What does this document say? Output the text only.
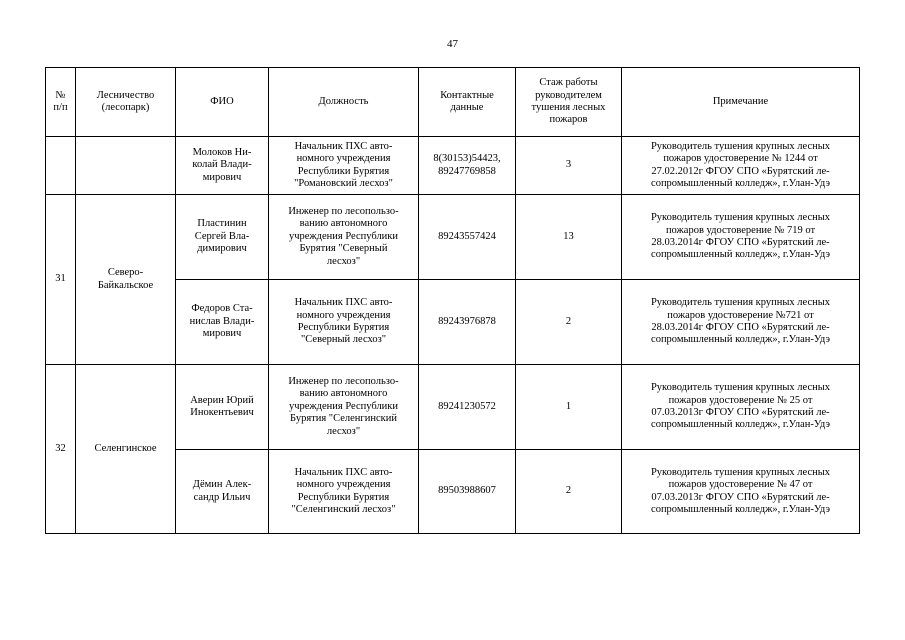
47
№
п/п	Лесничество
(лесопарк)	ФИО	Должность	Контактные
данные	Стаж работы
руководителем
тушения лесных
пожаров	Примечание
		Молоков Ни-
колай Влади-
мирович	Начальник ПХС авто-
номного учреждения
Республики Бурятия
"Романовский лесхоз"	8(30153)54423,
89247769858	3	Руководитель тушения крупных лесных
пожаров удостоверение № 1244 от
27.02.2012г ФГОУ СПО «Бурятский ле-
сопромышленный колледж», г.Улан-Удэ
31	Северо-
Байкальское	Пластинин
Сергей Вла-
димирович	Инженер по лесопользо-
ванию автономного
учреждения Республики
Бурятия "Северный
лесхоз"	89243557424	13	Руководитель тушения крупных лесных
пожаров удостоверение № 719 от
28.03.2014г ФГОУ СПО «Бурятский ле-
сопромышленный колледж», г.Улан-Удэ
		Федоров Ста-
нислав Влади-
мирович	Начальник ПХС авто-
номного учреждения
Республики Бурятия
"Северный лесхоз"	89243976878	2	Руководитель тушения крупных лесных
пожаров удостоверение №721 от
28.03.2014г ФГОУ СПО «Бурятский ле-
сопромышленный колледж», г.Улан-Удэ
32	Селенгинское	Аверин Юрий
Инокентьевич	Инженер по лесопользо-
ванию автономного
учреждения Республики
Бурятия "Селенгинский
лесхоз"	89241230572	1	Руководитель тушения крупных лесных
пожаров удостоверение № 25 от
07.03.2013г ФГОУ СПО «Бурятский ле-
сопромышленный колледж», г.Улан-Удэ
		Дёмин Алек-
сандр Ильич	Начальник ПХС авто-
номного учреждения
Республики Бурятия
"Селенгинский лесхоз"	89503988607	2	Руководитель тушения крупных лесных
пожаров удостоверение № 47 от
07.03.2013г ФГОУ СПО «Бурятский ле-
сопромышленный колледж», г.Улан-Удэ
